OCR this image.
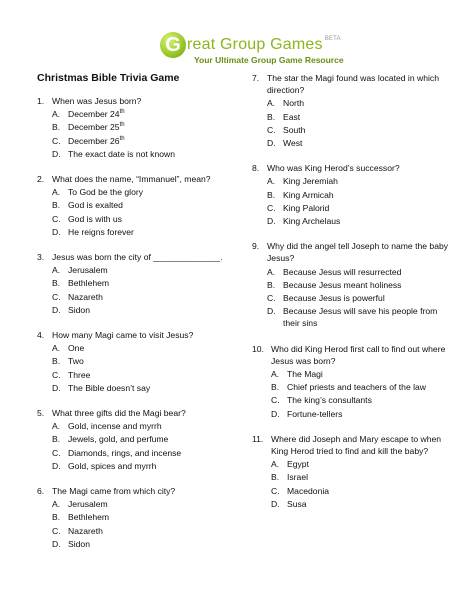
G reat Group Games $^{BETA}$
Your Ultimate Group Game Resource
Christmas Bible Trivia Game
1. When was Jesus born?
A. December 24th
B. December 25th
C. December 26th
D. The exact date is not known
2. What does the name, “Immanuel”, mean?
A. To God be the glory
B. God is exalted
C. God is with us
D. He reigns forever
3. Jesus was born the city of ______________.
A. Jerusalem
B. Bethlehem
C. Nazareth
D. Sidon
4. How many Magi came to visit Jesus?
A. One
B. Two
C. Three
D. The Bible doesn’t say
5. What three gifts did the Magi bear?
A. Gold, incense and myrrh
B. Jewels, gold, and perfume
C. Diamonds, rings, and incense
D. Gold, spices and myrrh
6. The Magi came from which city?
A. Jerusalem
B. Bethlehem
C. Nazareth
D. Sidon
7. The star the Magi found was located in which direction?
A. North
B. East
C. South
D. West
8. Who was King Herod’s successor?
A. King Jeremiah
B. King Armicah
C. King Palorid
D. King Archelaus
9. Why did the angel tell Joseph to name the baby Jesus?
A. Because Jesus will resurrected
B. Because Jesus meant holiness
C. Because Jesus is powerful
D. Because Jesus will save his people from their sins
10. Who did King Herod first call to find out where Jesus was born?
A. The Magi
B. Chief priests and teachers of the law
C. The king’s consultants
D. Fortune-tellers
11. Where did Joseph and Mary escape to when King Herod tried to find and kill the baby?
A. Egypt
B. Israel
C. Macedonia
D. Susa
